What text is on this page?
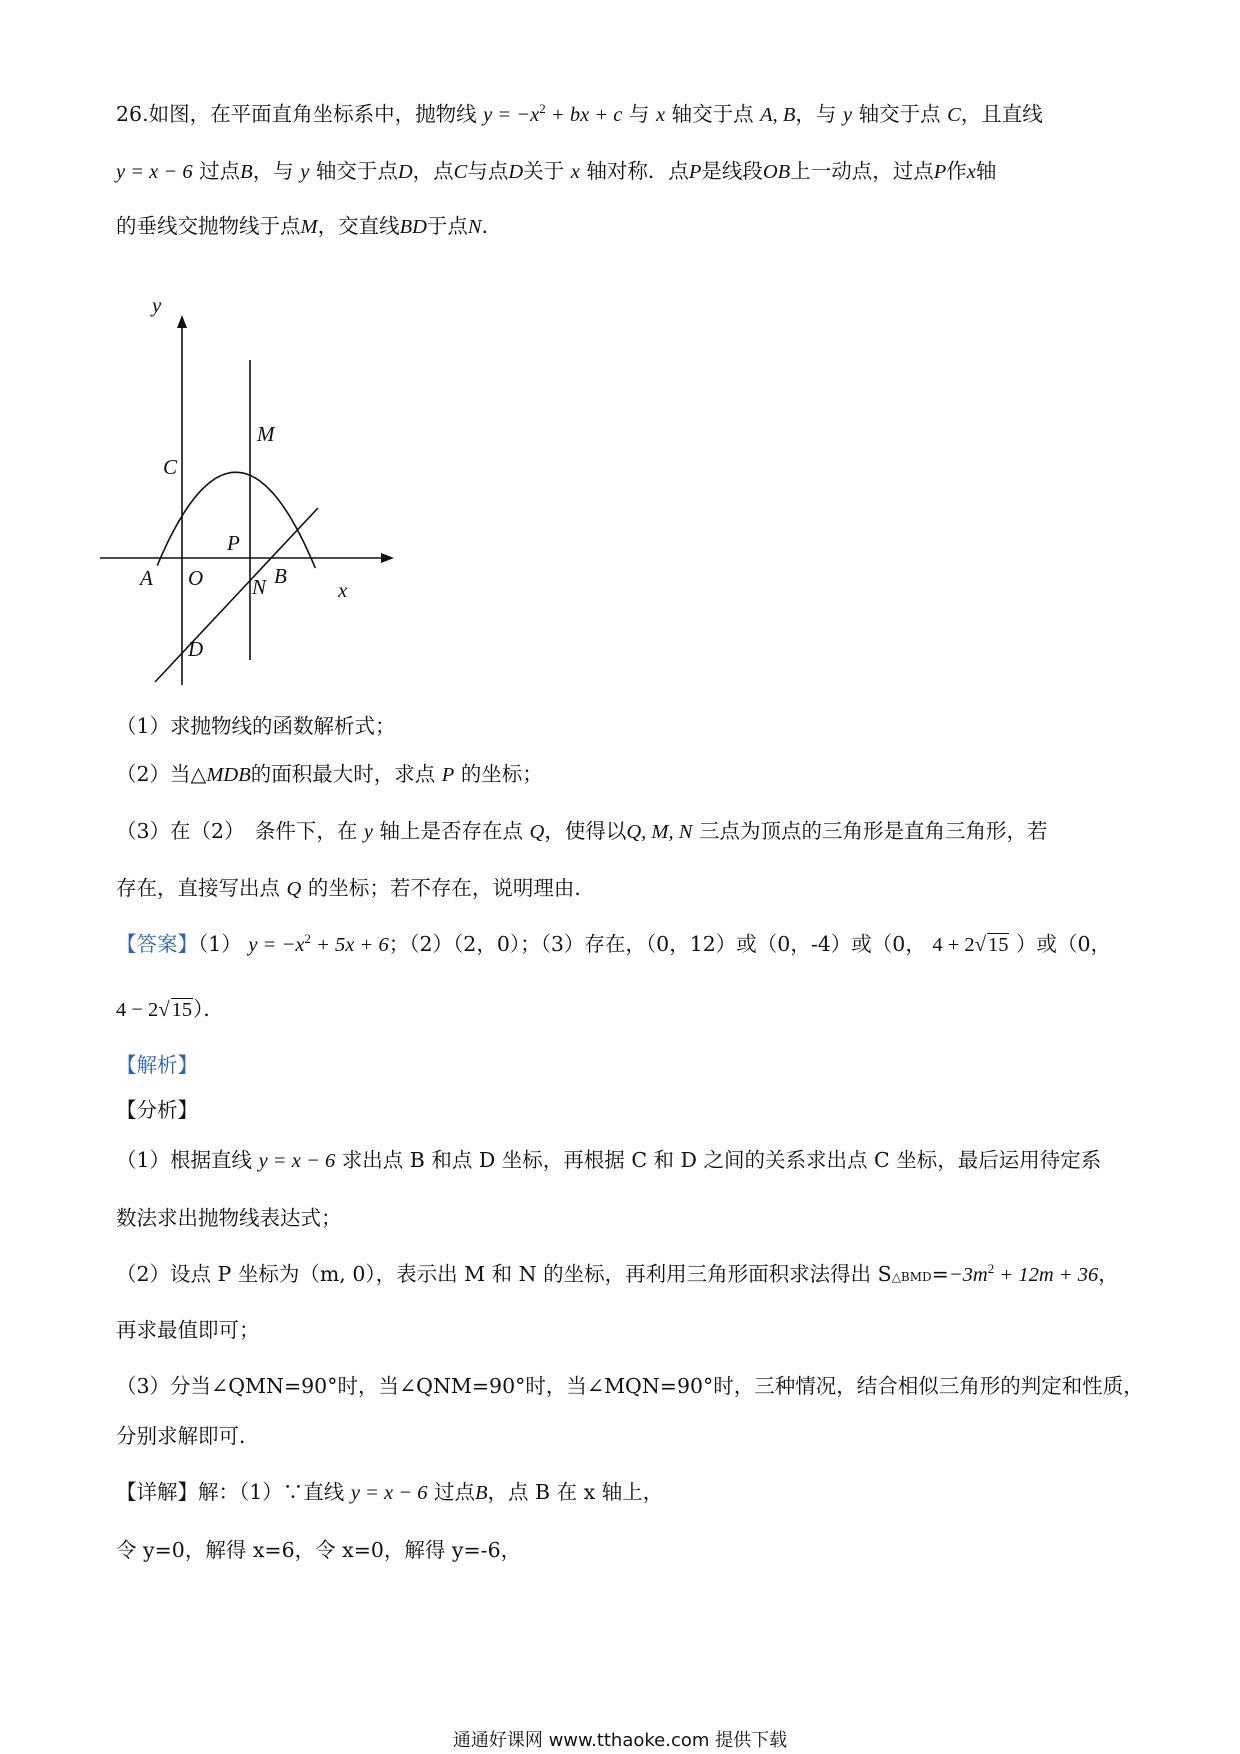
26.如图，在平面直角坐标系中，抛物线 $y = -x^2$ + bx + c 与 x 轴交于点 A, B，与 y 轴交于点 C，且直线
y = x − 6 过点B，与 y 轴交于点D，点C与点D关于 x 轴对称．点P是线段OB上一动点，过点P作x轴
的垂线交抛物线于点M，交直线BD于点N．
y
x
O
A	B
C
D
M
N
P
（1）求抛物线的函数解析式；
（2）当△MDB的面积最大时，求点 P 的坐标；
（3）在（2）　条件下，在 y 轴上是否存在点 Q，使得以Q, M, N 三点为顶点的三角形是直角三角形，若
存在，直接写出点 Q 的坐标；若不存在，说明理由．
【答案】（1） $y = -x^2 + 5x + 6$；（2）（2，0）；（3）存在，（0，12）或（0，-4）或（0， 4 + 2√15 ）或（0，
4 − 2√15）．
【解析】
【分析】
（1）根据直线 y = x − 6 求出点 B 和点 D 坐标，再根据 C 和 D 之间的关系求出点 C 坐标，最后运用待定系
数法求出抛物线表达式；
（2）设点 P 坐标为（m, 0），表示出 M 和 N 的坐标，再利用三角形面积求法得出 $S\triangle BMD=-3m^2 + 12m + 36$，
再求最值即可；
（3）分当∠QMN=90°时，当∠QNM=90°时，当∠MQN=90°时，三种情况，结合相似三角形的判定和性质，
分别求解即可．
【详解】解：（1）∵直线 y = x − 6 过点B，点 B 在 x 轴上，
令 y=0，解得 x=6，令 x=0，解得 y=-6，
通通好课网 www.tthaoke.com 提供下载
